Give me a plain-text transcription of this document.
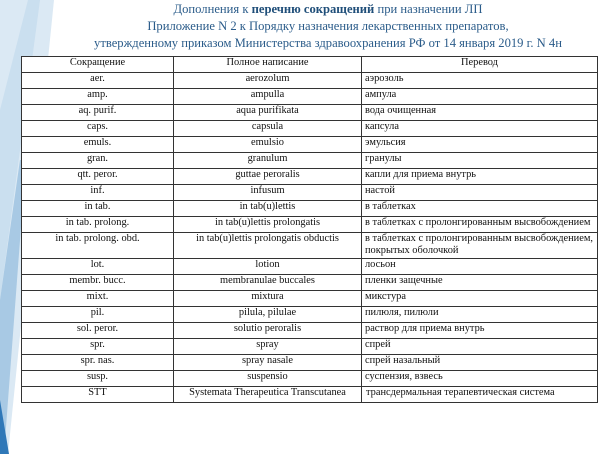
Дополнения к перечню сокращений при назначении ЛП
Приложение N 2 к Порядку назначения лекарственных препаратов,
утвержденному приказом Министерства здравоохранения РФ от 14 января 2019 г. N 4н
Сокращение	Полное написание	Перевод
aer.	aerozolum	аэрозоль
amp.	ampulla	ампула
aq. purif.	aqua purifikata	вода очищенная
caps.	capsula	капсула
emuls.	emulsio	эмульсия
gran.	granulum	гранулы
qtt. peror.	guttae peroralis	капли для приема внутрь
inf.	infusum	настой
in tab.	in tab(u)lettis	в таблетках
in tab. prolong.	in tab(u)lettis prolongatis	в таблетках с пролонгированным высвобождением
in tab. prolong. obd.	in tab(u)lettis prolongatis obductis	в таблетках с пролонгированным высвобождением, покрытых оболочкой
lot.	lotion	лосьон
membr. bucc.	membranulae buccales	пленки защечные
mixt.	mixtura	микстура
pil.	pilula, pilulae	пилюля, пилюли
sol. peror.	solutio peroralis	раствор для приема внутрь
spr.	spray	спрей
spr. nas.	spray nasale	спрей назальный
susp.	suspensio	суспензия, взвесь
STT	Systemata Therapeutica Transcutanea	трансдермальная терапевтическая система
